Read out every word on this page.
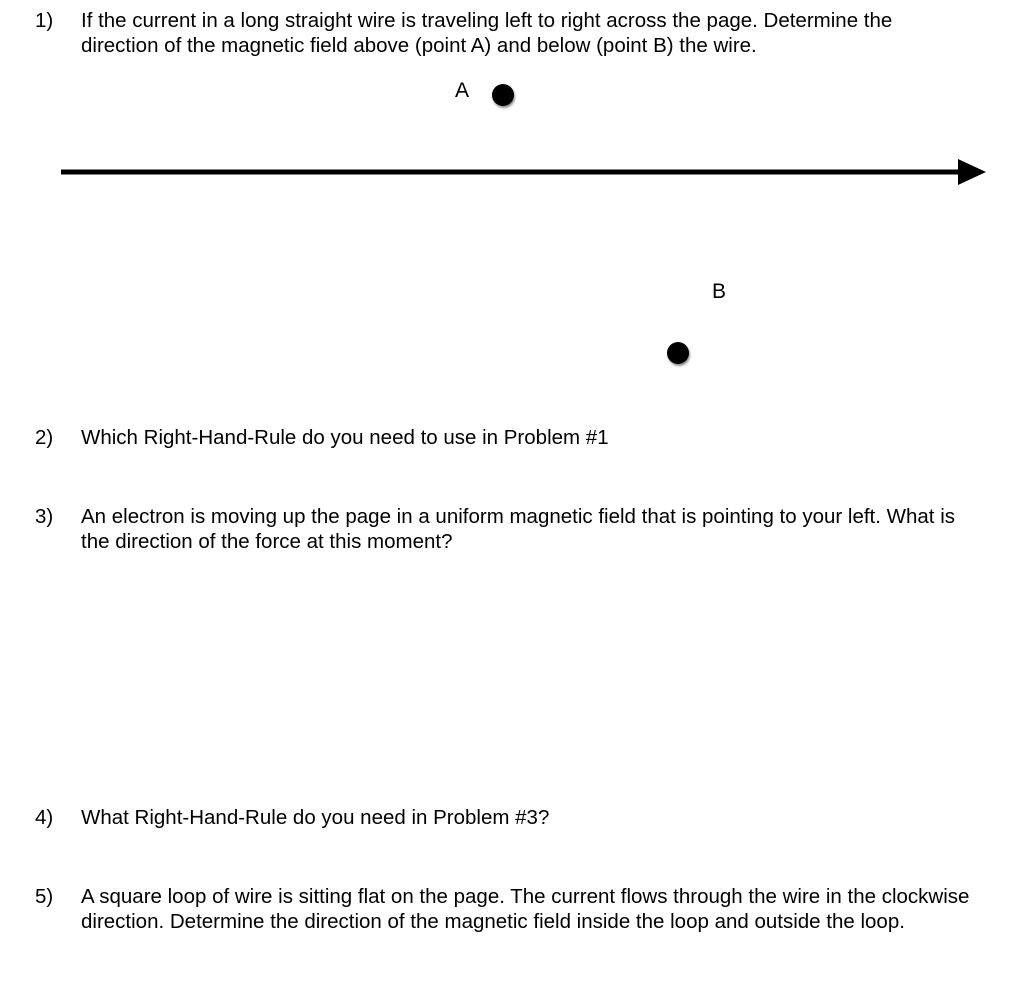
1) If the current in a long straight wire is traveling left to right across the page. Determine the direction of the magnetic field above (point A) and below (point B) the wire.
A
B
2) Which Right-Hand-Rule do you need to use in Problem #1
3) An electron is moving up the page in a uniform magnetic field that is pointing to your left. What is the direction of the force at this moment?
4) What Right-Hand-Rule do you need in Problem #3?
5) A square loop of wire is sitting flat on the page. The current flows through the wire in the clockwise direction. Determine the direction of the magnetic field inside the loop and outside the loop.
